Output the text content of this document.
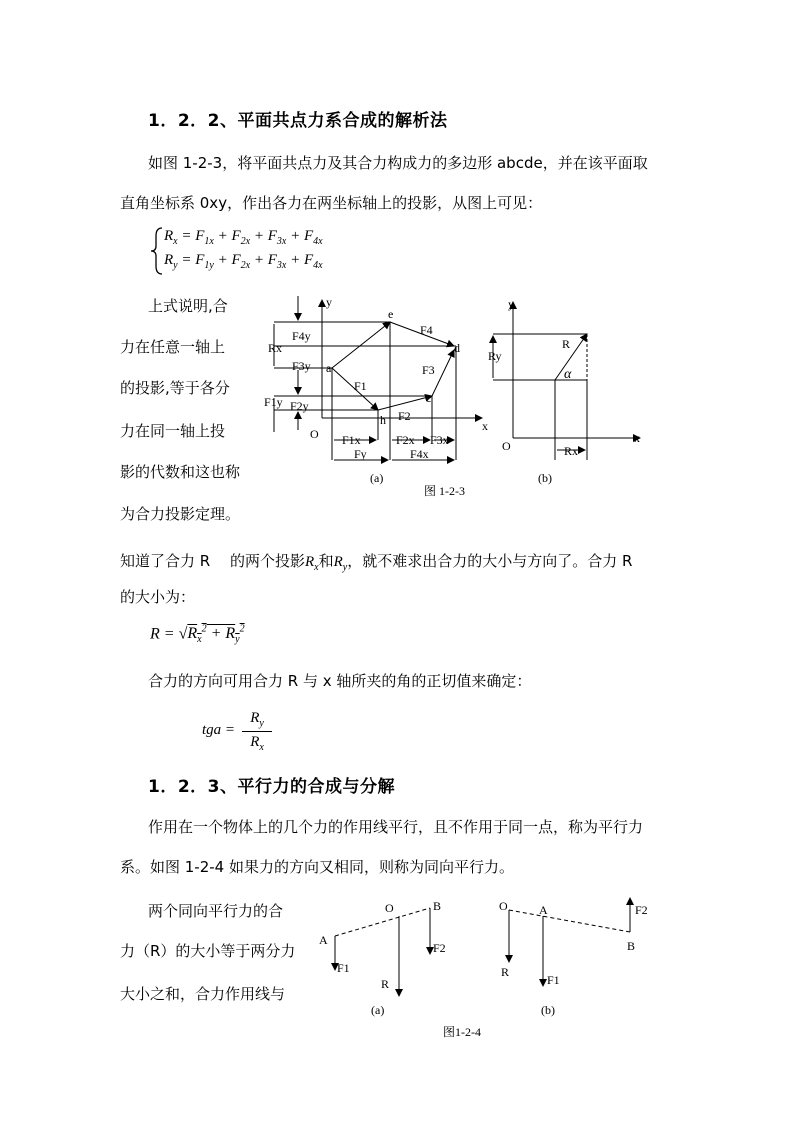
1．2．2、平面共点力系合成的解析法
如图 1-2-3，将平面共点力及其合力构成力的多边形 abcde，并在该平面取
直角坐标系 0xy，作出各力在两坐标轴上的投影，从图上可见：
$R_x = F_{1x} + F_{2x} + F_{3x} + F_{4x}$
$R_y = F_{1y} + F_{2x} + F_{3x} + F_{4x}$
上式说明,合
力在任意一轴上
的投影,等于各分
力在同一轴上投
影的代数和这也称
为合力投影定理。
y
x
O
a
e
d
c
h
F1
F2
F3
F4
F4y
Rx
F3y
F1y F2y
F1x	F2x F3x
Fy	F4x
(a)
y
x
O
R
Ry
Rx
α
(b)
图 1-2-3
知道了合力 R　 的两个投影$R_x$和$R_y$，就不难求出合力的大小与方向了。合力 R
的大小为：
$R = √R_x^2 + R_y^2$
合力的方向可用合力 R 与 x 轴所夹的角的正切值来确定：
tga =
$R_y$
$R_x$
1．2．3、平行力的合成与分解
作用在一个物体上的几个力的作用线平行，且不作用于同一点，称为平行力
系。如图 1-2-4 如果力的方向又相同，则称为同向平行力。
两个同向平行力的合
力（R）的大小等于两分力
大小之和，合力作用线与
A
O	B
F1
R
F2
(a)
O	A
B
R
F1
F2
(b)
图1-2-4
